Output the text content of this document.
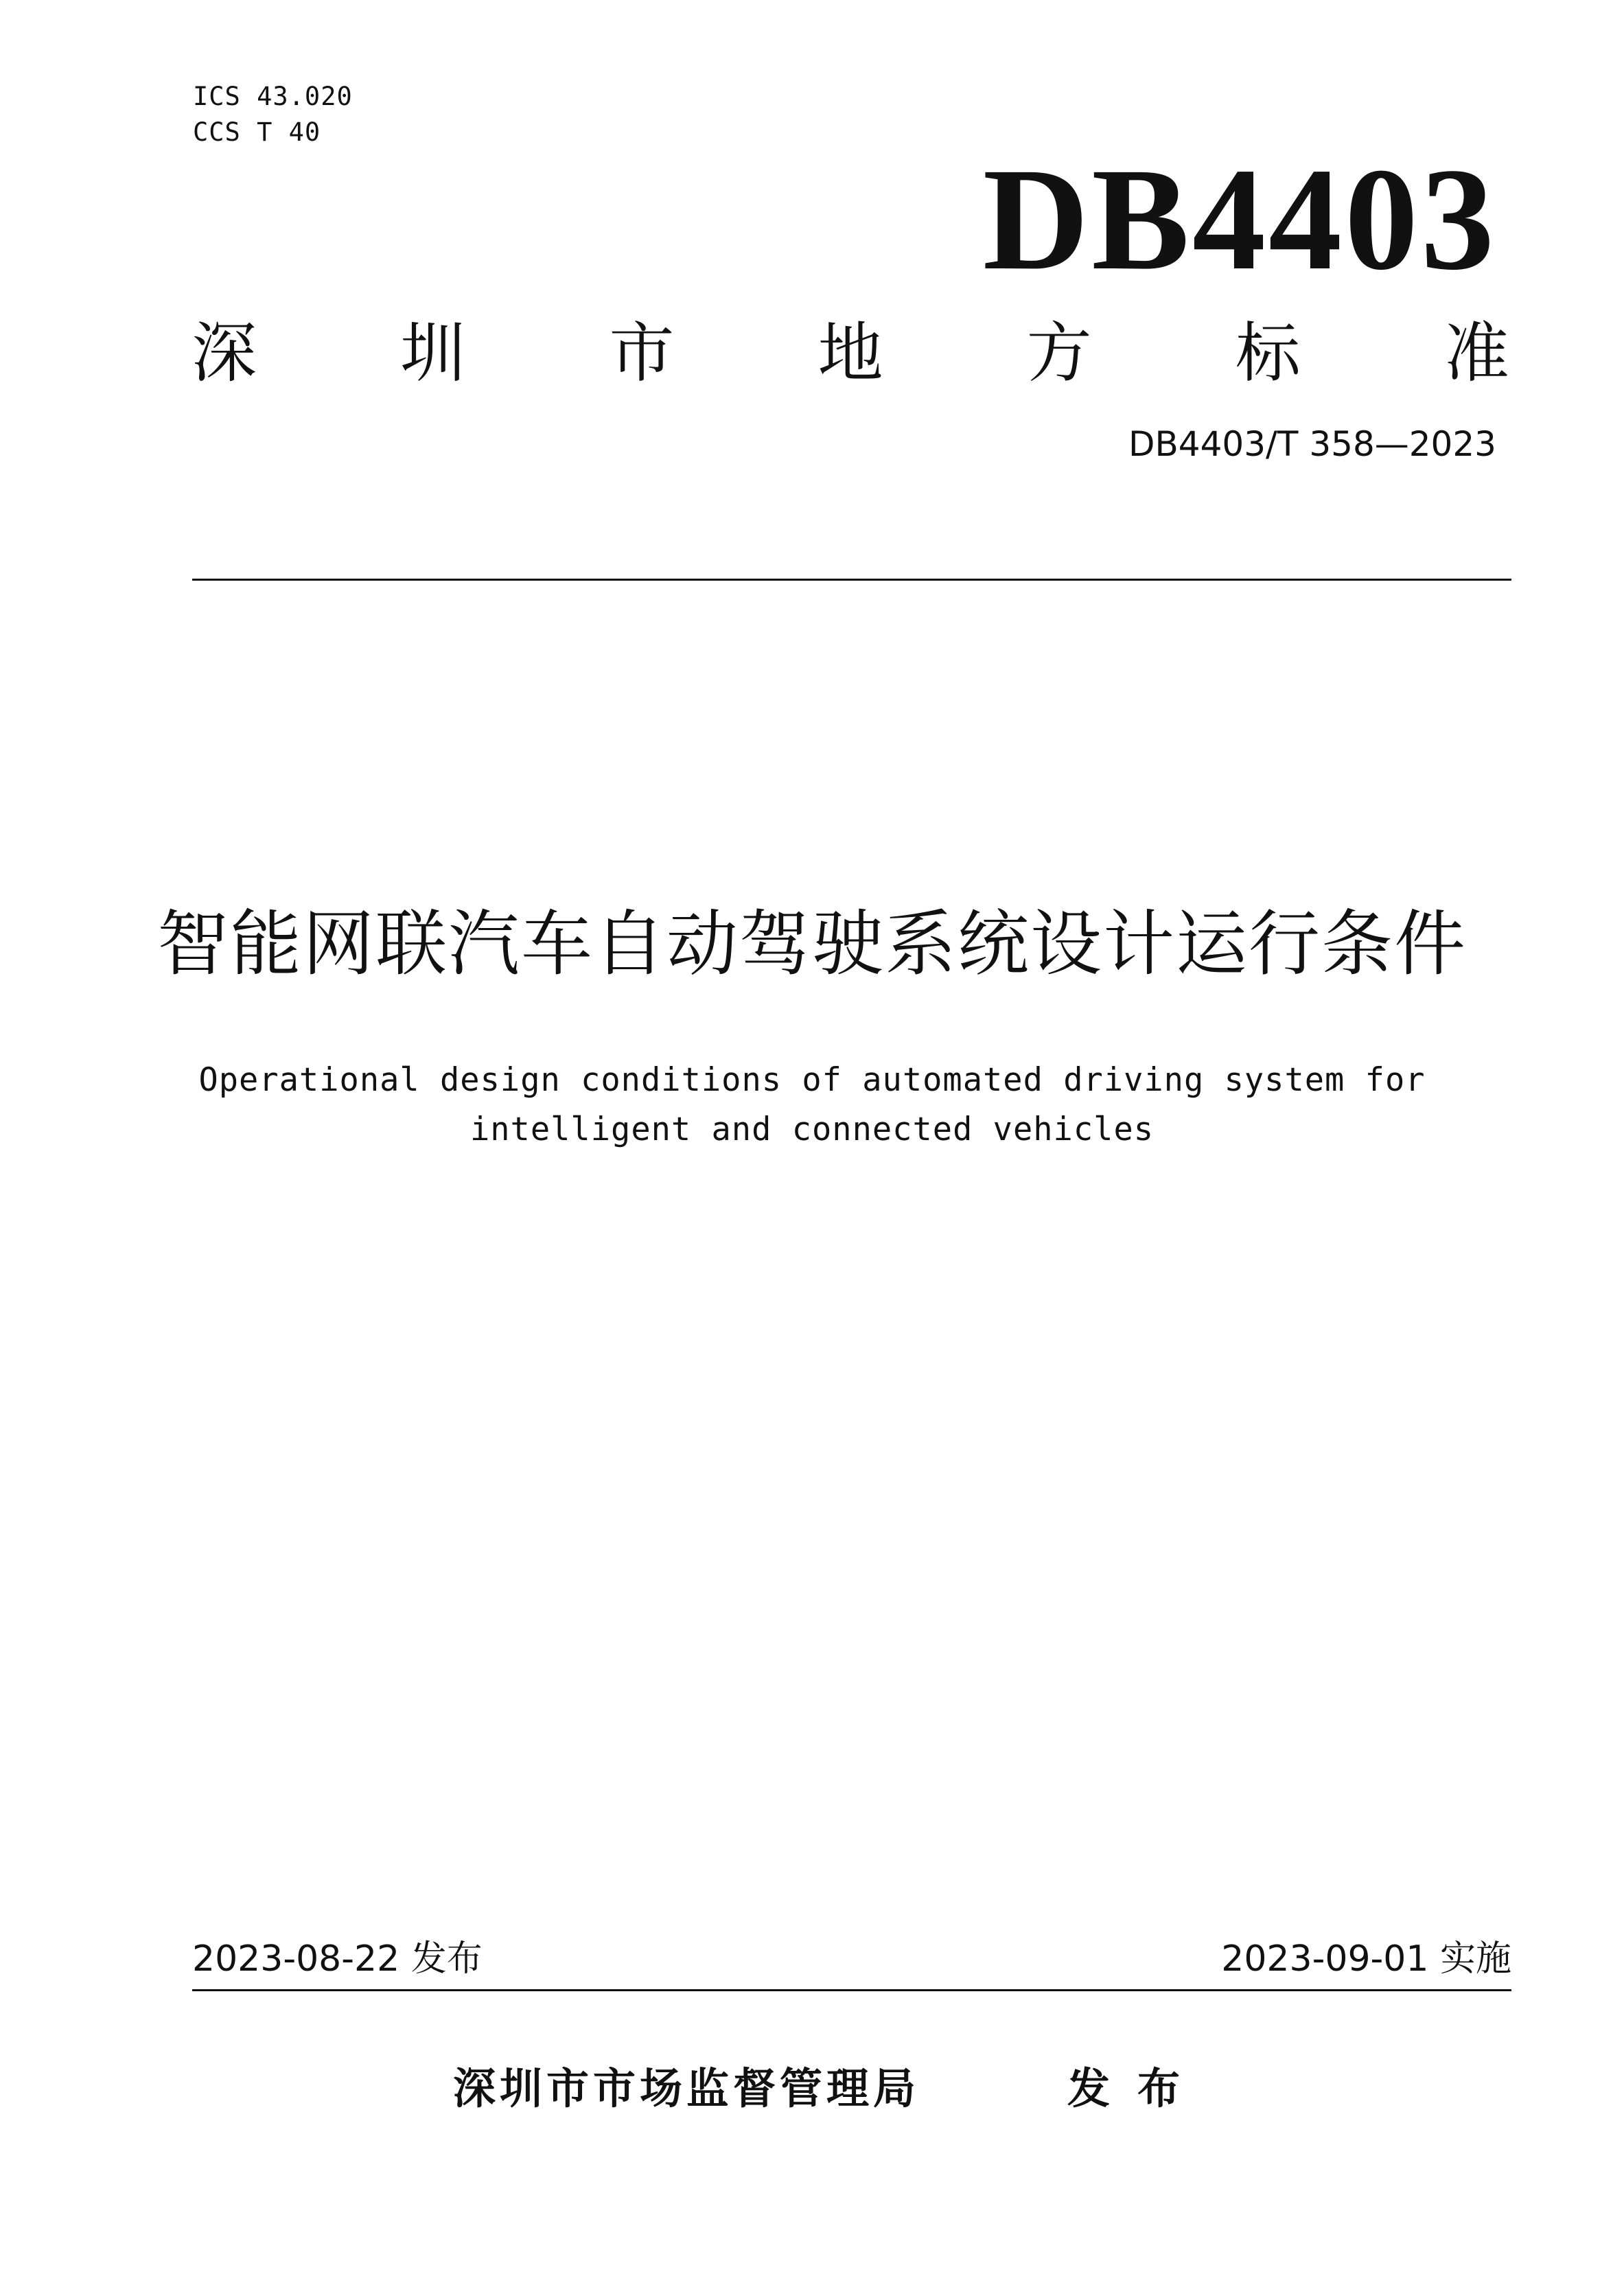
ICS 43.020
CCS T 40
DB4403
深 圳 市 地 方 标 准
DB4403/T 358—2023
智能网联汽车自动驾驶系统设计运行条件
Operational design conditions of automated driving system for
intelligent and connected vehicles
2023-08-22 发布	2023-09-01 实施
深圳市市场监督管理局	发布
